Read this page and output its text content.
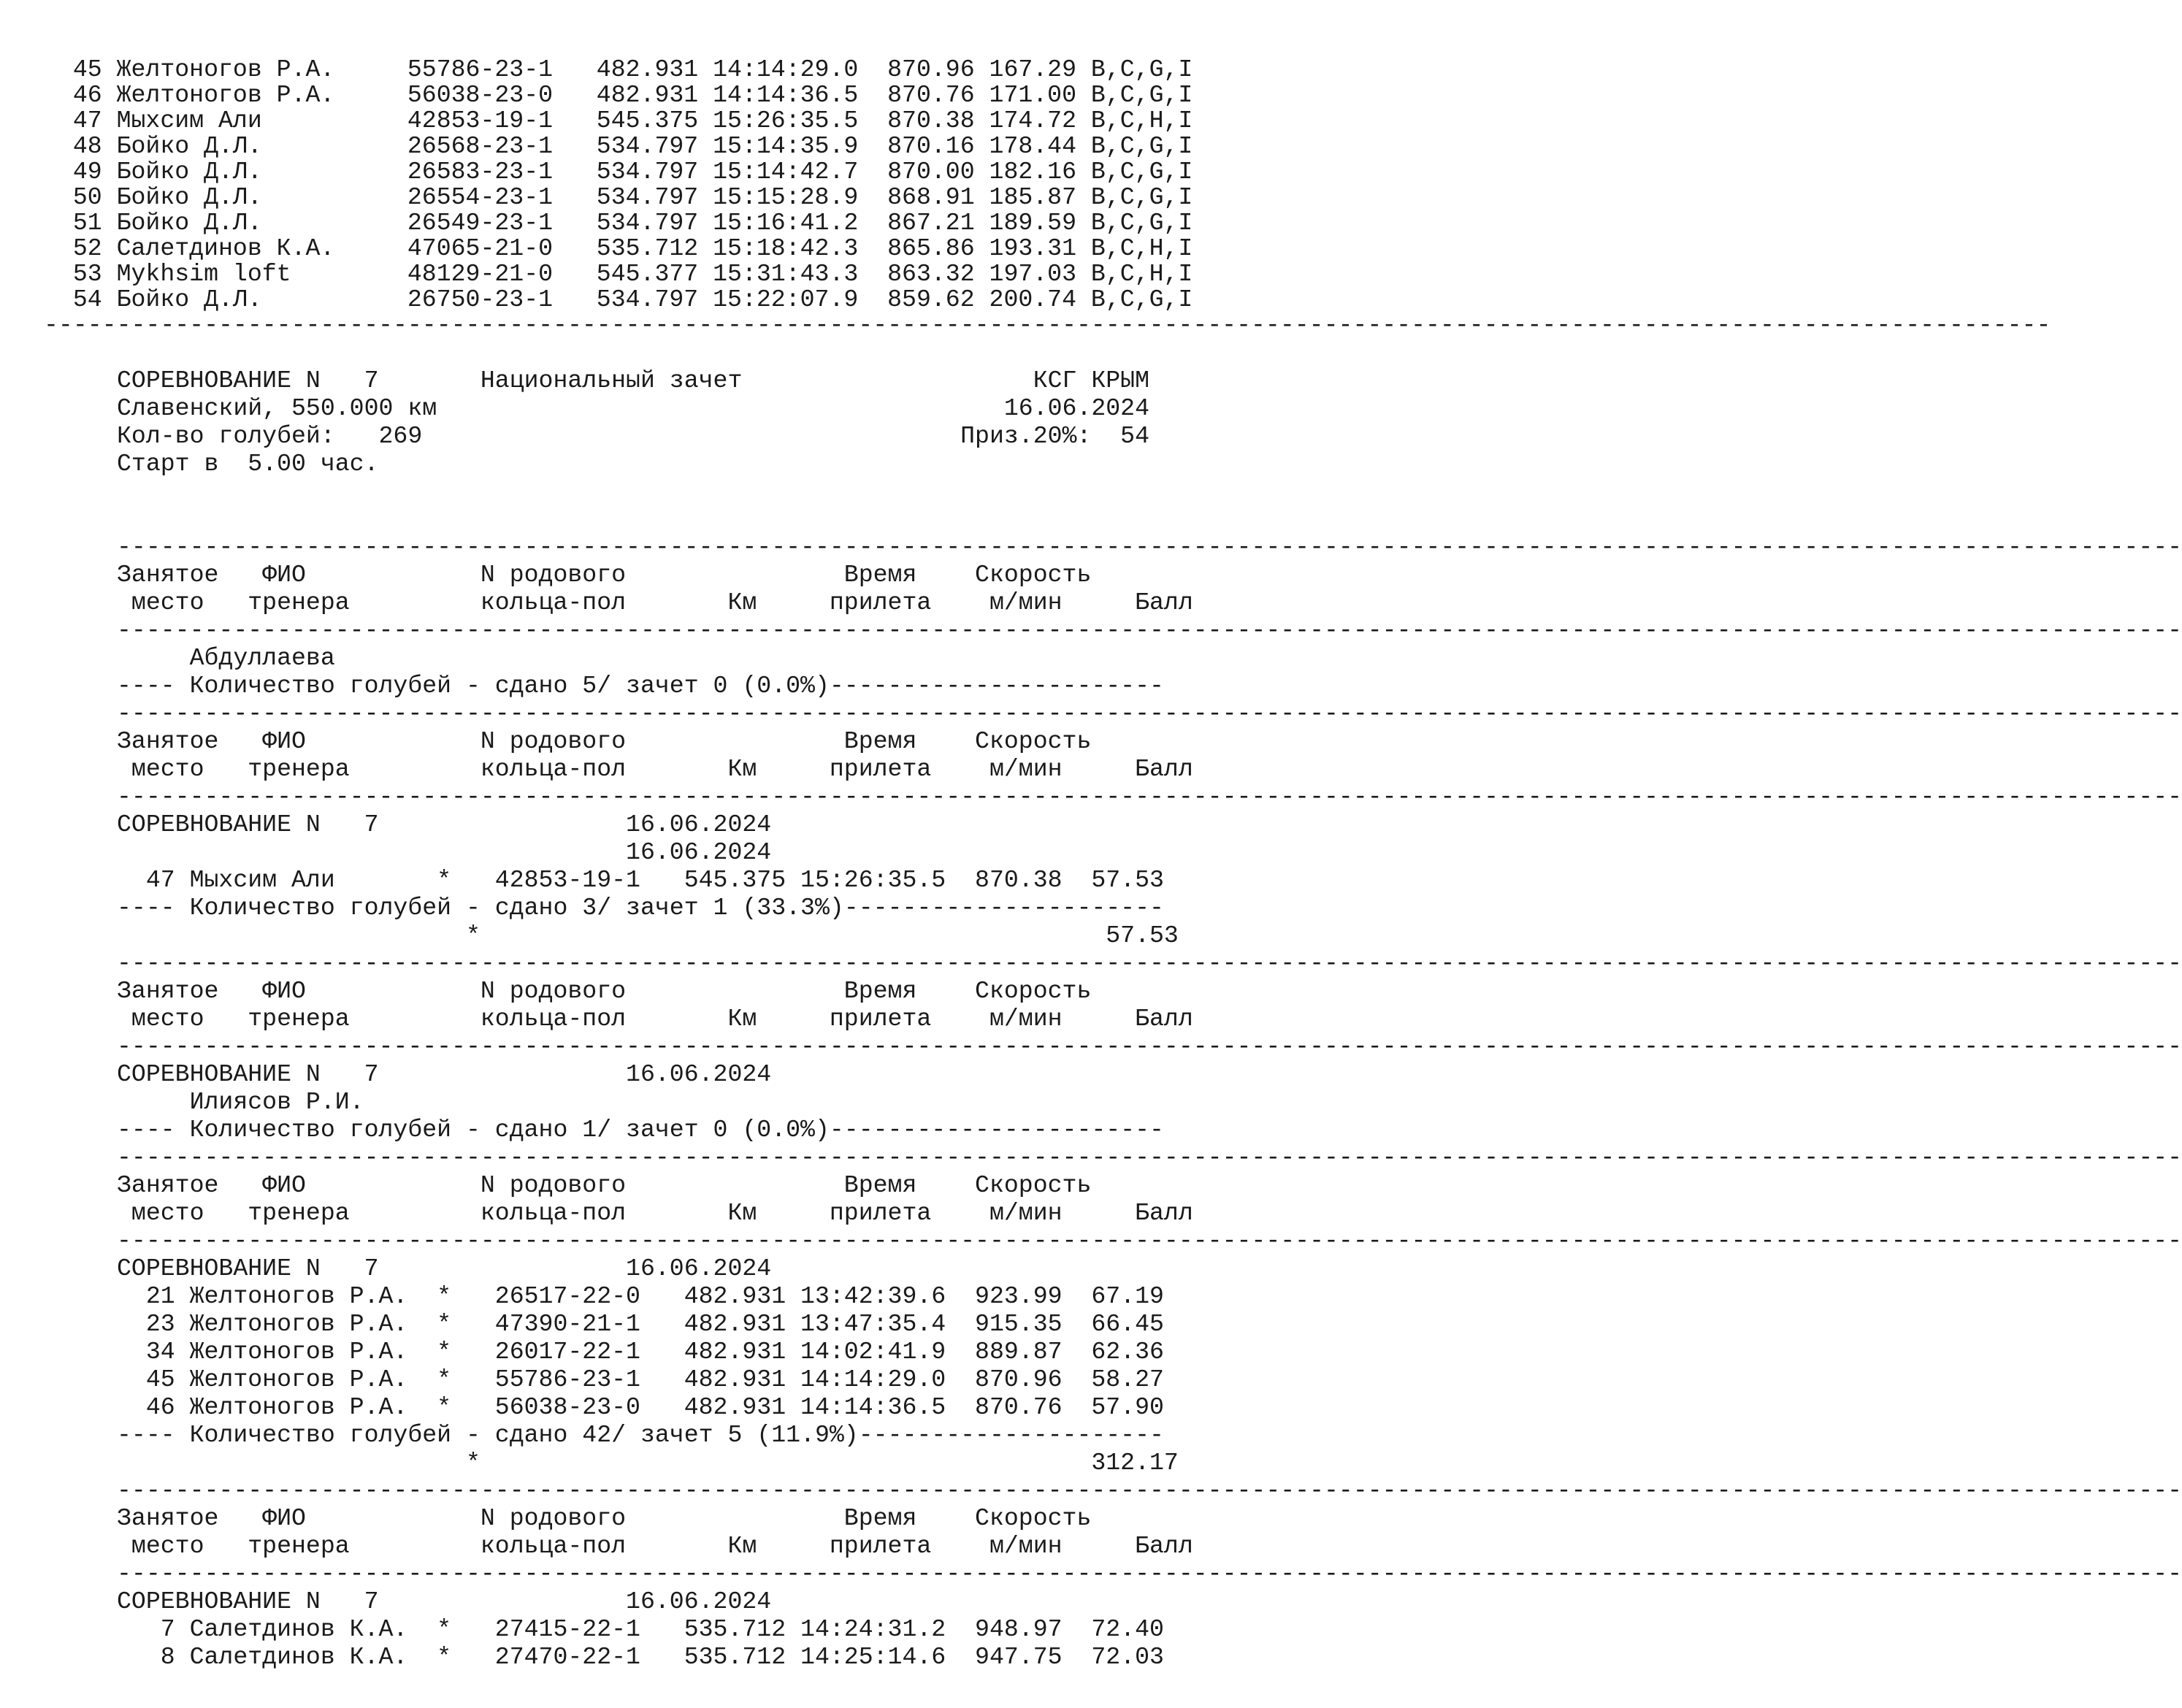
45 Желтоногов Р.А.     55786-23-1   482.931 14:14:29.0  870.96 167.29 B,C,G,I
46 Желтоногов Р.А.     56038-23-0   482.931 14:14:36.5  870.76 171.00 B,C,G,I
47 Мыхсим Али          42853-19-1   545.375 15:26:35.5  870.38 174.72 B,C,H,I
48 Бойко Д.Л.          26568-23-1   534.797 15:14:35.9  870.16 178.44 B,C,G,I
49 Бойко Д.Л.          26583-23-1   534.797 15:14:42.7  870.00 182.16 B,C,G,I
50 Бойко Д.Л.          26554-23-1   534.797 15:15:28.9  868.91 185.87 B,C,G,I
51 Бойко Д.Л.          26549-23-1   534.797 15:16:41.2  867.21 189.59 B,C,G,I
52 Салетдинов К.А.     47065-21-0   535.712 15:18:42.3  865.86 193.31 B,C,H,I
53 Mykhsim loft        48129-21-0   545.377 15:31:43.3  863.32 197.03 B,C,H,I
54 Бойко Д.Л.          26750-23-1   534.797 15:22:07.9  859.62 200.74 B,C,G,I
------------------------------------------------------------------------------------------------------------------------------------------
СОРЕВНОВАНИЕ N   7       Национальный зачет                    КСГ КРЫМ
Славенский, 550.000 км                                       16.06.2024
Кол-во голубей:   269                                     Приз.20%:  54
Старт в  5.00 час.
----------------------------------------------------------------------------------------------------------------------------------------------
Занятое   ФИО            N родового               Время    Скорость
место   тренера         кольца-пол       Км     прилета    м/мин     Балл
----------------------------------------------------------------------------------------------------------------------------------------------
Абдуллаева
---- Количество голубей - сдано 5/ зачет 0 (0.0%)-----------------------
----------------------------------------------------------------------------------------------------------------------------------------------
Занятое   ФИО            N родового               Время    Скорость
место   тренера         кольца-пол       Км     прилета    м/мин     Балл
----------------------------------------------------------------------------------------------------------------------------------------------
СОРЕВНОВАНИЕ N   7                 16.06.2024
16.06.2024
47 Мыхсим Али       *   42853-19-1   545.375 15:26:35.5  870.38  57.53
---- Количество голубей - сдано 3/ зачет 1 (33.3%)----------------------
*                                           57.53
----------------------------------------------------------------------------------------------------------------------------------------------
Занятое   ФИО            N родового               Время    Скорость
место   тренера         кольца-пол       Км     прилета    м/мин     Балл
----------------------------------------------------------------------------------------------------------------------------------------------
СОРЕВНОВАНИЕ N   7                 16.06.2024
Илиясов Р.И.
---- Количество голубей - сдано 1/ зачет 0 (0.0%)-----------------------
----------------------------------------------------------------------------------------------------------------------------------------------
Занятое   ФИО            N родового               Время    Скорость
место   тренера         кольца-пол       Км     прилета    м/мин     Балл
----------------------------------------------------------------------------------------------------------------------------------------------
СОРЕВНОВАНИЕ N   7                 16.06.2024
21 Желтоногов Р.А.  *   26517-22-0   482.931 13:42:39.6  923.99  67.19
23 Желтоногов Р.А.  *   47390-21-1   482.931 13:47:35.4  915.35  66.45
34 Желтоногов Р.А.  *   26017-22-1   482.931 14:02:41.9  889.87  62.36
45 Желтоногов Р.А.  *   55786-23-1   482.931 14:14:29.0  870.96  58.27
46 Желтоногов Р.А.  *   56038-23-0   482.931 14:14:36.5  870.76  57.90
---- Количество голубей - сдано 42/ зачет 5 (11.9%)---------------------
*                                          312.17
----------------------------------------------------------------------------------------------------------------------------------------------
Занятое   ФИО            N родового               Время    Скорость
место   тренера         кольца-пол       Км     прилета    м/мин     Балл
----------------------------------------------------------------------------------------------------------------------------------------------
СОРЕВНОВАНИЕ N   7                 16.06.2024
7 Салетдинов К.А.  *   27415-22-1   535.712 14:24:31.2  948.97  72.40
8 Салетдинов К.А.  *   27470-22-1   535.712 14:25:14.6  947.75  72.03
